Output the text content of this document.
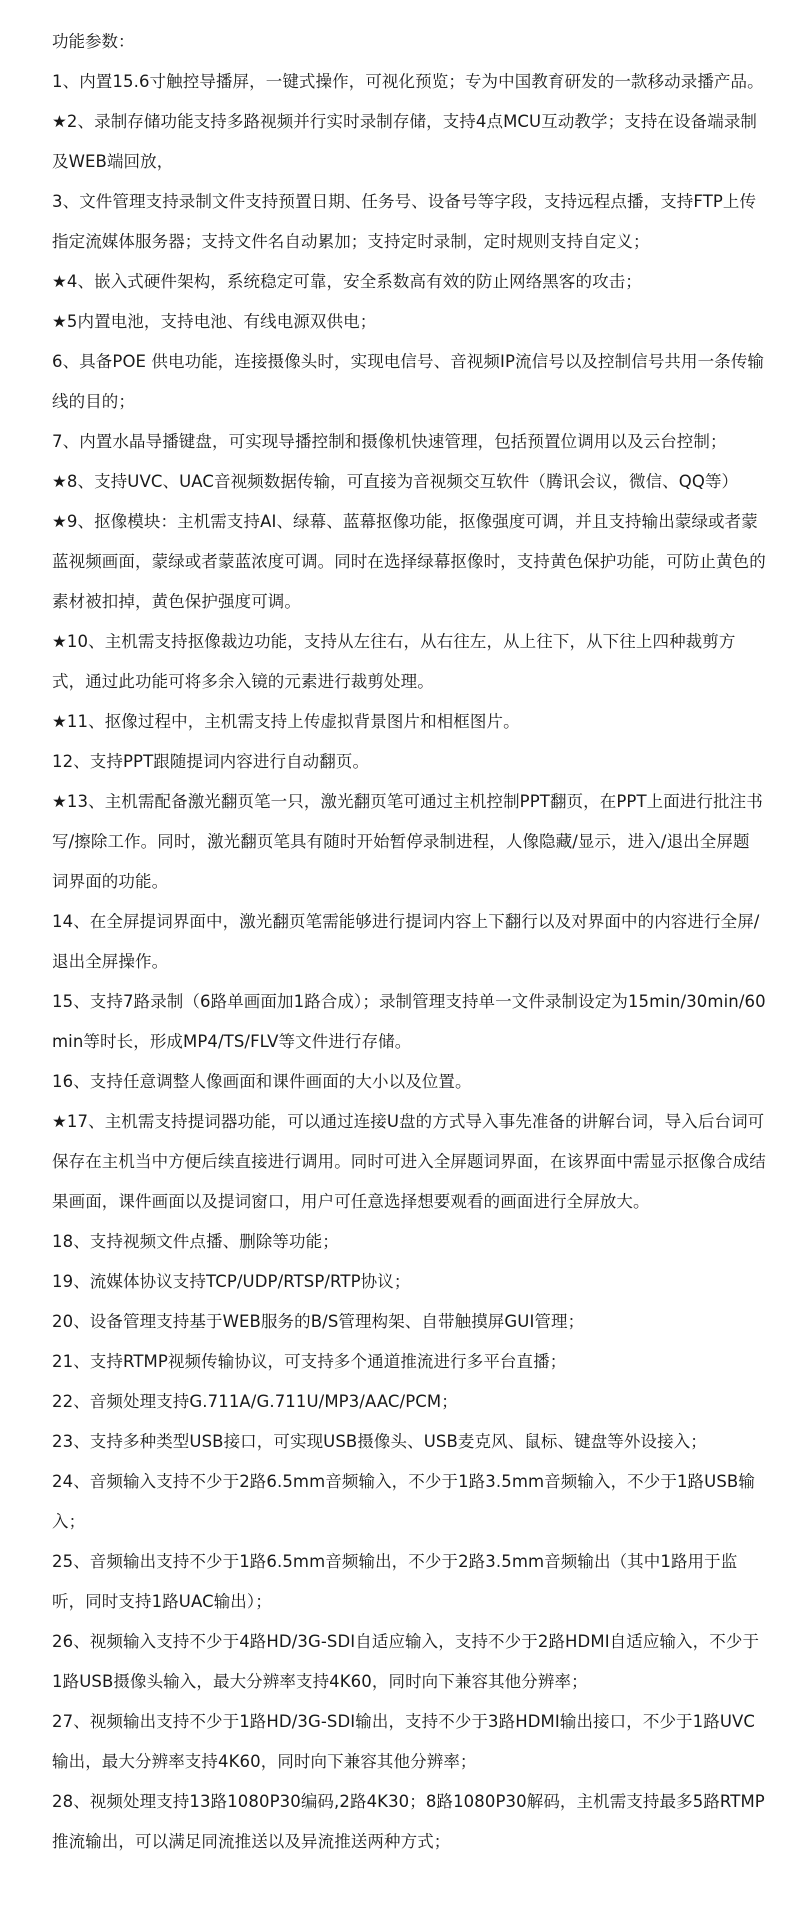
功能参数：

1、内置15.6寸触控导播屏，一键式操作，可视化预览；专为中国教育研发的一款移动录播产品。

★2、录制存储功能支持多路视频并行实时录制存储，支持4点MCU互动教学；支持在设备端录制及WEB端回放，

3、文件管理支持录制文件支持预置日期、任务号、设备号等字段，支持远程点播，支持FTP上传指定流媒体服务器；支持文件名自动累加；支持定时录制，定时规则支持自定义；

★4、嵌入式硬件架构，系统稳定可靠，安全系数高有效的防止网络黑客的攻击；

★5内置电池，支持电池、有线电源双供电；

6、具备POE 供电功能，连接摄像头时，实现电信号、音视频IP流信号以及控制信号共用一条传输线的目的；

7、内置水晶导播键盘，可实现导播控制和摄像机快速管理，包括预置位调用以及云台控制；

★8、支持UVC、UAC音视频数据传输，可直接为音视频交互软件（腾讯会议，微信、QQ等）

★9、抠像模块：主机需支持AI、绿幕、蓝幕抠像功能，抠像强度可调，并且支持输出蒙绿或者蒙蓝视频画面，蒙绿或者蒙蓝浓度可调。同时在选择绿幕抠像时，支持黄色保护功能，可防止黄色的素材被扣掉，黄色保护强度可调。

★10、主机需支持抠像裁边功能，支持从左往右，从右往左，从上往下，从下往上四种裁剪方式，通过此功能可将多余入镜的元素进行裁剪处理。

★11、抠像过程中，主机需支持上传虚拟背景图片和相框图片。

12、支持PPT跟随提词内容进行自动翻页。

★13、主机需配备激光翻页笔一只，激光翻页笔可通过主机控制PPT翻页，在PPT上面进行批注书写/擦除工作。同时，激光翻页笔具有随时开始暂停录制进程，人像隐藏/显示，进入/退出全屏题词界面的功能。

14、在全屏提词界面中，激光翻页笔需能够进行提词内容上下翻行以及对界面中的内容进行全屏/退出全屏操作。

15、支持7路录制（6路单画面加1路合成）；录制管理支持单一文件录制设定为15min/30min/60min等时长，形成MP4/TS/FLV等文件进行存储。

16、支持任意调整人像画面和课件画面的大小以及位置。

★17、主机需支持提词器功能，可以通过连接U盘的方式导入事先准备的讲解台词，导入后台词可保存在主机当中方便后续直接进行调用。同时可进入全屏题词界面，在该界面中需显示抠像合成结果画面，课件画面以及提词窗口，用户可任意选择想要观看的画面进行全屏放大。

18、支持视频文件点播、删除等功能；

19、流媒体协议支持TCP/UDP/RTSP/RTP协议；

20、设备管理支持基于WEB服务的B/S管理构架、自带触摸屏GUI管理；

21、支持RTMP视频传输协议，可支持多个通道推流进行多平台直播；

22、音频处理支持G.711A/G.711U/MP3/AAC/PCM；

23、支持多种类型USB接口，可实现USB摄像头、USB麦克风、鼠标、键盘等外设接入；

24、音频输入支持不少于2路6.5mm音频输入，不少于1路3.5mm音频输入，不少于1路USB输入；

25、音频输出支持不少于1路6.5mm音频输出，不少于2路3.5mm音频输出（其中1路用于监听，同时支持1路UAC输出）；

26、视频输入支持不少于4路HD/3G-SDI自适应输入，支持不少于2路HDMI自适应输入，不少于1路USB摄像头输入，最大分辨率支持4K60，同时向下兼容其他分辨率；

27、视频输出支持不少于1路HD/3G-SDI输出，支持不少于3路HDMI输出接口，不少于1路UVC输出，最大分辨率支持4K60，同时向下兼容其他分辨率；

28、视频处理支持13路1080P30编码,2路4K30；8路1080P30解码，主机需支持最多5路RTMP推流输出，可以满足同流推送以及异流推送两种方式；
